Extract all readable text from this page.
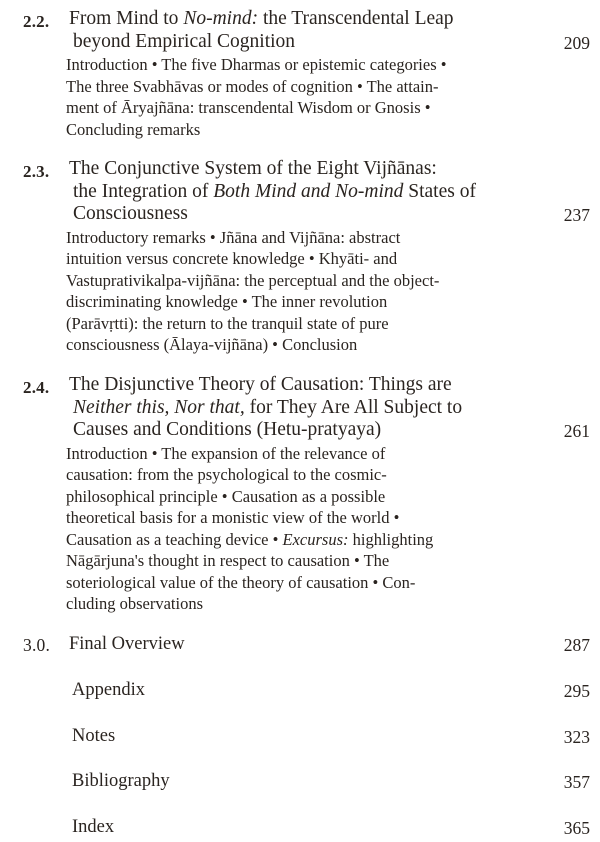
2.2. From Mind to No-mind: the Transcendental Leap
beyond Empirical Cognition	209
Introduction • The five Dharmas or epistemic categories •
The three Svabhāvas or modes of cognition • The attain-
ment of Āryajñāna: transcendental Wisdom or Gnosis •
Concluding remarks
2.3. The Conjunctive System of the Eight Vijñānas:
the Integration of Both Mind and No-mind States of
Consciousness	237
Introductory remarks • Jñāna and Vijñāna: abstract
intuition versus concrete knowledge • Khyāti- and
Vastuprativikalpa-vijñāna: the perceptual and the object-
discriminating knowledge • The inner revolution
(Parāvṛtti): the return to the tranquil state of pure
consciousness (Ālaya-vijñāna) • Conclusion
2.4. The Disjunctive Theory of Causation: Things are
Neither this, Nor that, for They Are All Subject to
Causes and Conditions (Hetu-pratyaya)	261
Introduction • The expansion of the relevance of
causation: from the psychological to the cosmic-
philosophical principle • Causation as a possible
theoretical basis for a monistic view of the world •
Causation as a teaching device • Excursus: highlighting
Nāgārjuna's thought in respect to causation • The
soteriological value of the theory of causation • Con-
cluding observations
3.0. Final Overview	287
Appendix	295
Notes	323
Bibliography	357
Index	365
